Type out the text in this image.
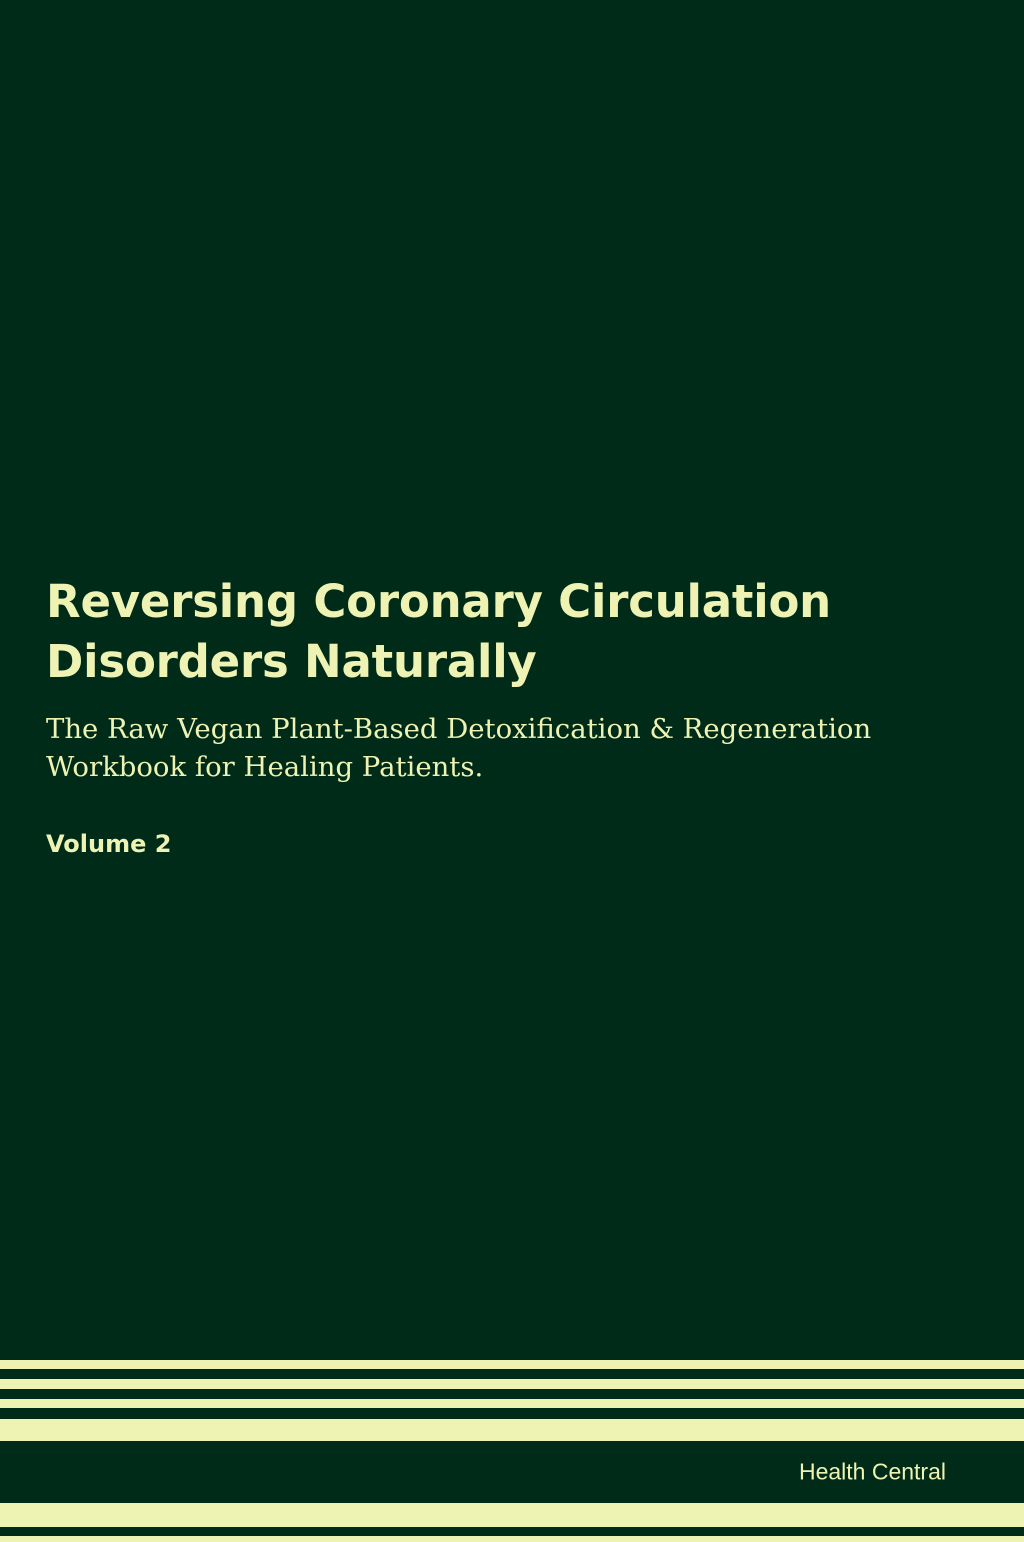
Reversing Coronary Circulation Disorders Naturally

The Raw Vegan Plant-Based Detoxification & Regeneration Workbook for Healing Patients.

Volume 2

Health Central
